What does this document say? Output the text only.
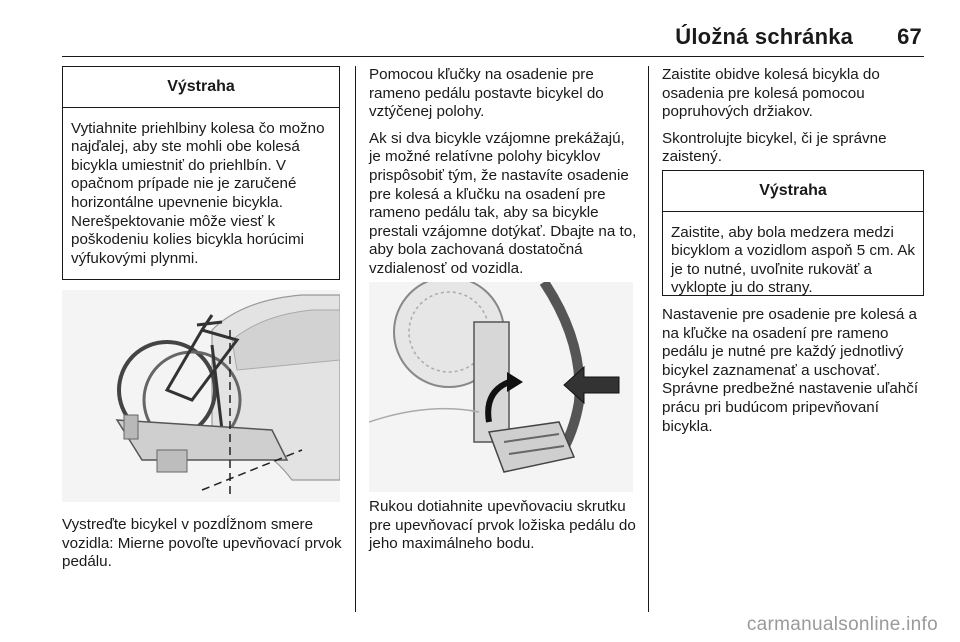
Úložná schránka 67
Výstraha
Vytiahnite priehlbiny kolesa čo možno najďalej, aby ste mohli obe kolesá bicykla umiestniť do priehlbín. V opačnom prípade nie je zaručené horizontálne upevnenie bicykla. Nerešpektovanie môže viesť k poškodeniu kolies bicykla horúcimi výfukovými plynmi.
Vystreďte bicykel v pozdĺžnom smere vozidla: Mierne povoľte upevňovací prvok pedálu.

Pomocou kľučky na osadenie pre rameno pedálu postavte bicykel do vztýčenej polohy.

Ak si dva bicykle vzájomne prekážajú, je možné relatívne polohy bicyklov prispôsobiť tým, že nastavíte osadenie pre kolesá a kľučku na osadení pre rameno pedálu tak, aby sa bicykle prestali vzájomne dotýkať. Dbajte na to, aby bola zachovaná dostatočná vzdialenosť od vozidla.

Rukou dotiahnite upevňovaciu skrutku pre upevňovací prvok ložiska pedálu do jeho maximálneho bodu.

Zaistite obidve kolesá bicykla do osadenia pre kolesá pomocou popruhových držiakov.

Skontrolujte bicykel, či je správne zaistený.

Výstraha
Zaistite, aby bola medzera medzi bicyklom a vozidlom aspoň 5 cm. Ak je to nutné, uvoľnite rukoväť a vyklopte ju do strany.
Nastavenie pre osadenie pre kolesá a na kľučke na osadení pre rameno pedálu je nutné pre každý jednotlivý bicykel zaznamenať a uschovať. Správne predbežné nastavenie uľahčí prácu pri budúcom pripevňovaní bicykla.
carmanualsonline.info
